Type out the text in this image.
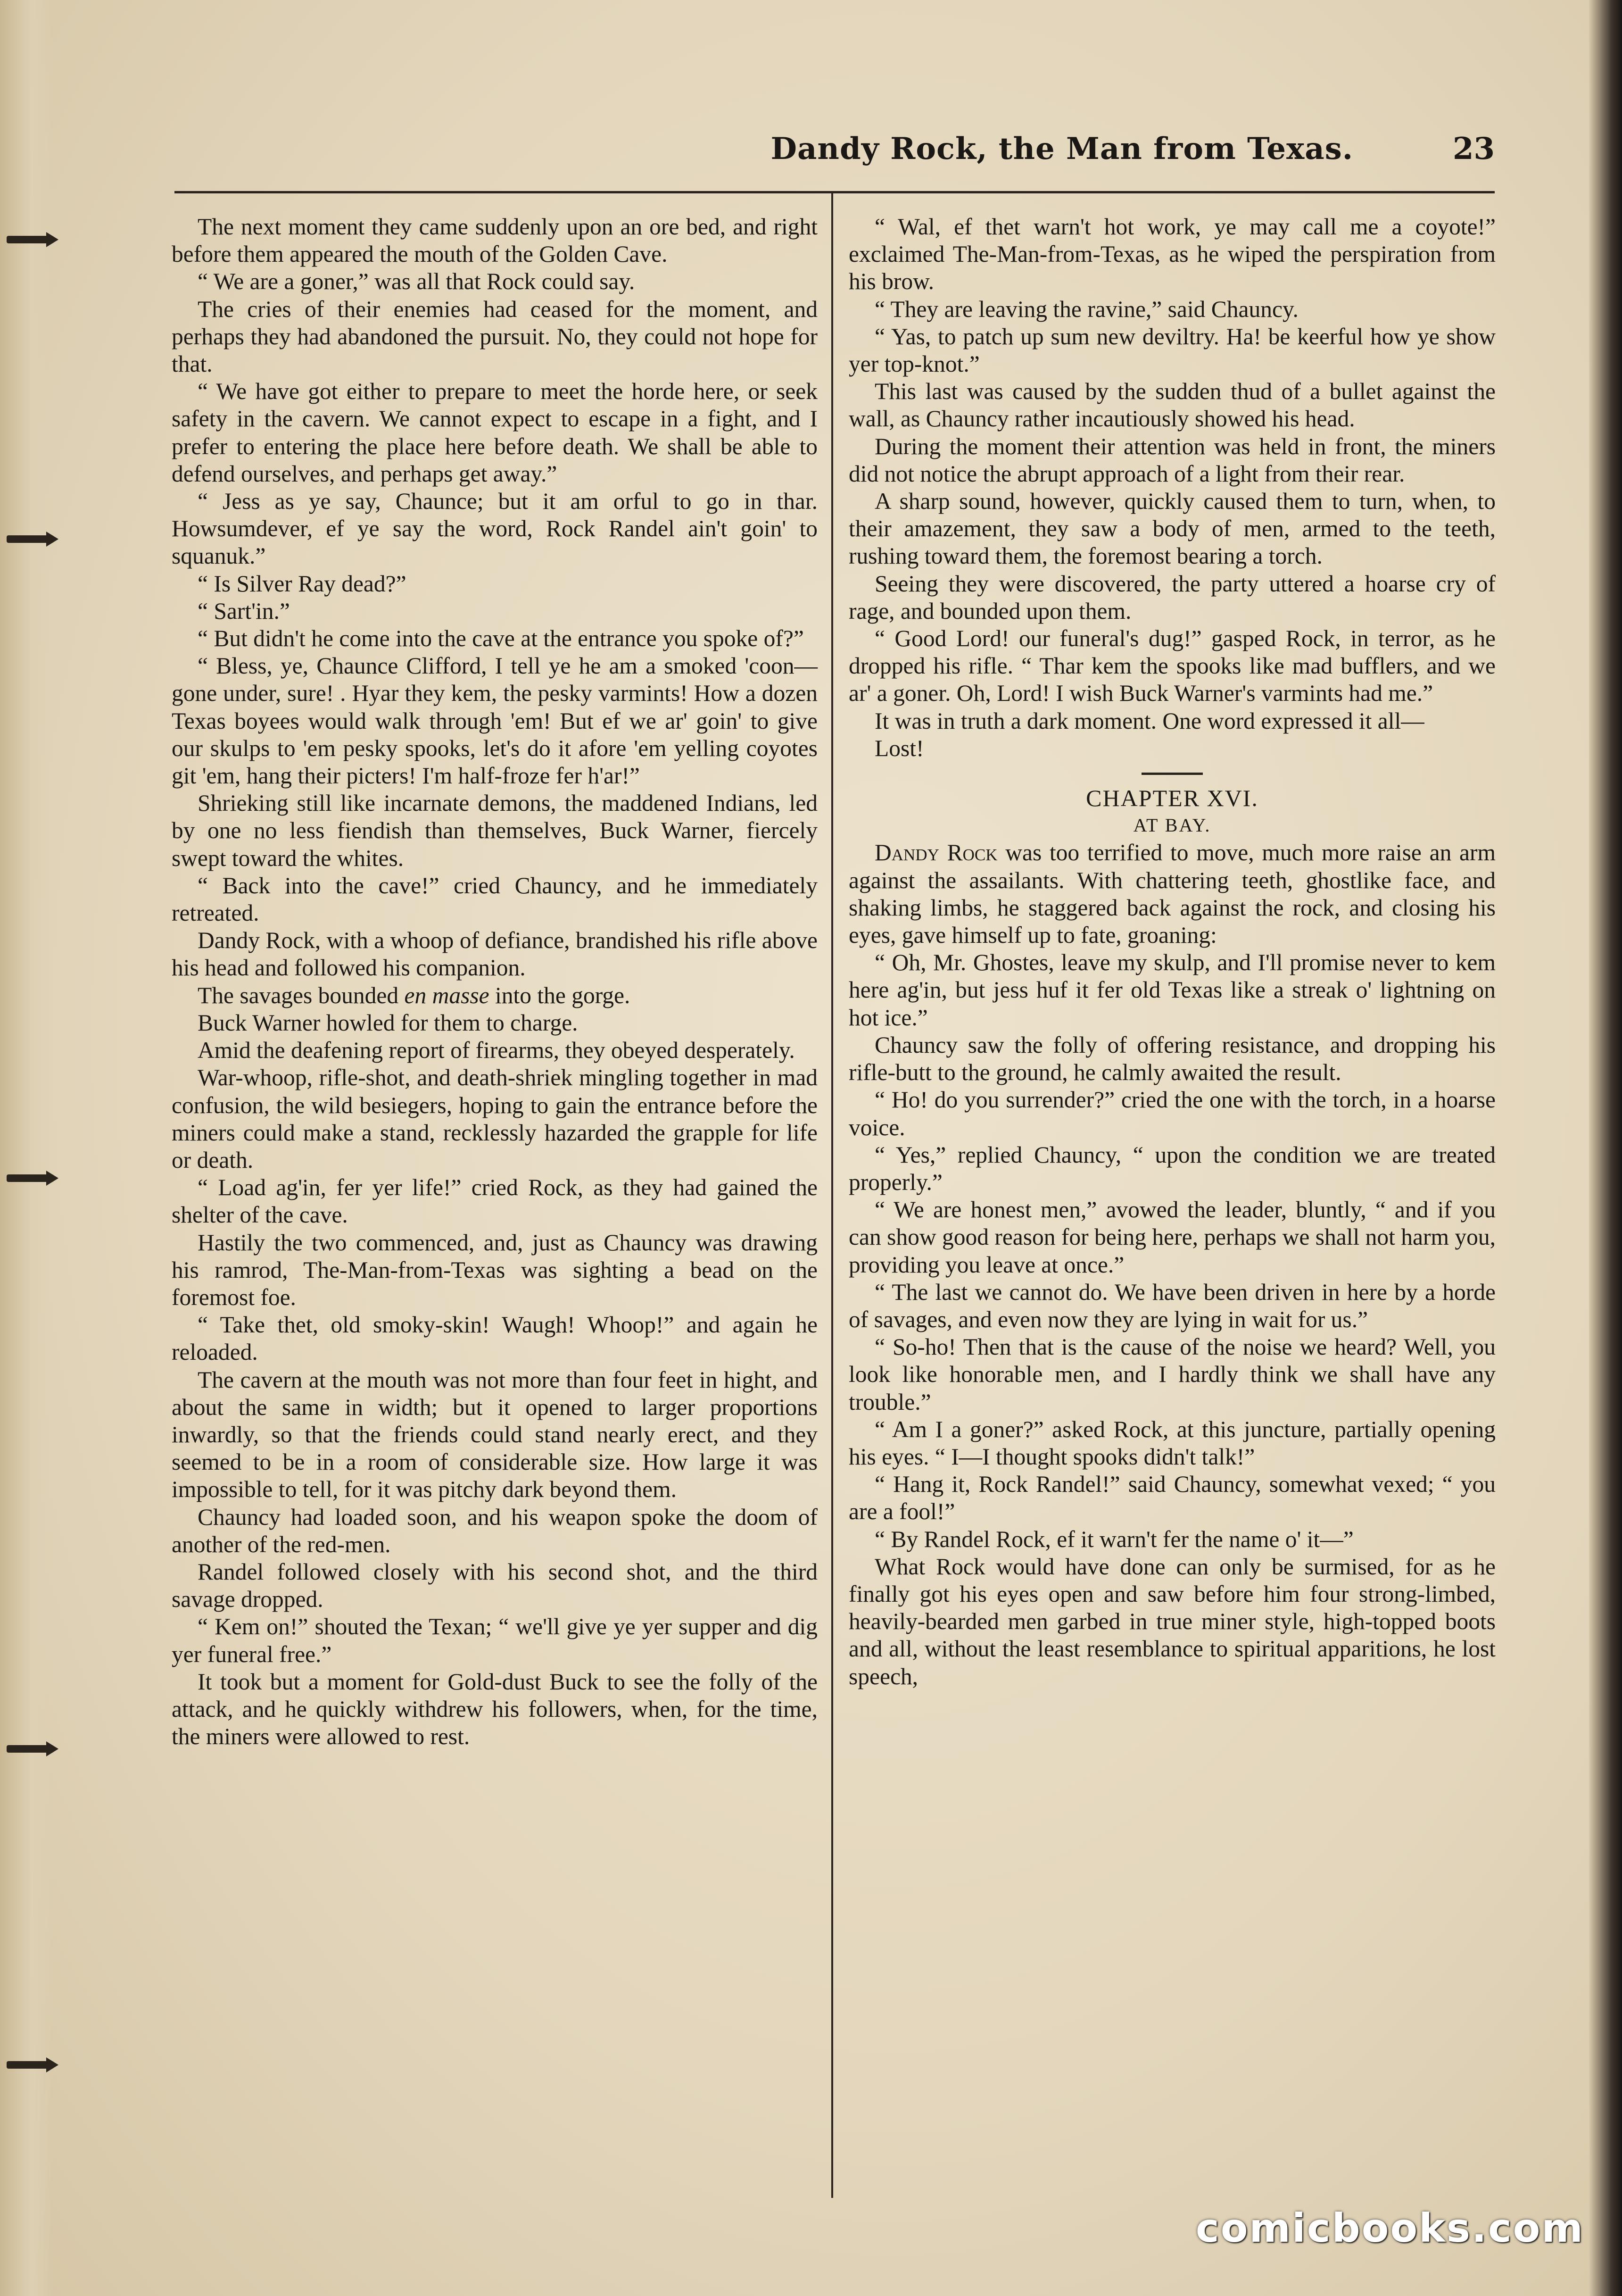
Dandy Rock, the Man from Texas.	23

The next moment they came suddenly upon an ore bed, and right before them appeared the mouth of the Golden Cave.

“ We are a goner,” was all that Rock could say.

The cries of their enemies had ceased for the moment, and perhaps they had abandoned the pursuit. No, they could not hope for that.

“ We have got either to prepare to meet the horde here, or seek safety in the cavern. We cannot expect to escape in a fight, and I prefer to entering the place here before death. We shall be able to defend ourselves, and perhaps get away.”

“ Jess as ye say, Chaunce; but it am orful to go in thar. Howsumdever, ef ye say the word, Rock Randel ain't goin' to squanuk.”

“ Is Silver Ray dead?”

“ Sart'in.”

“ But didn't he come into the cave at the entrance you spoke of?”

“ Bless, ye, Chaunce Clifford, I tell ye he am a smoked 'coon—gone under, sure! . Hyar they kem, the pesky varmints! How a dozen Texas boyees would walk through 'em! But ef we ar' goin' to give our skulps to 'em pesky spooks, let's do it afore 'em yelling coyotes git 'em, hang their picters! I'm half-froze fer h'ar!”

Shrieking still like incarnate demons, the maddened Indians, led by one no less fiendish than themselves, Buck Warner, fiercely swept toward the whites.

“ Back into the cave!” cried Chauncy, and he immediately retreated.

Dandy Rock, with a whoop of defiance, brandished his rifle above his head and followed his companion.

The savages bounded en masse into the gorge.

Buck Warner howled for them to charge.

Amid the deafening report of firearms, they obeyed desperately.

War-whoop, rifle-shot, and death-shriek mingling together in mad confusion, the wild besiegers, hoping to gain the entrance before the miners could make a stand, recklessly hazarded the grapple for life or death.

“ Load ag'in, fer yer life!” cried Rock, as they had gained the shelter of the cave.

Hastily the two commenced, and, just as Chauncy was drawing his ramrod, The-Man-from-Texas was sighting a bead on the foremost foe.

“ Take thet, old smoky-skin! Waugh! Whoop!” and again he reloaded.

The cavern at the mouth was not more than four feet in hight, and about the same in width; but it opened to larger proportions inwardly, so that the friends could stand nearly erect, and they seemed to be in a room of considerable size. How large it was impossible to tell, for it was pitchy dark beyond them.

Chauncy had loaded soon, and his weapon spoke the doom of another of the red-men.

Randel followed closely with his second shot, and the third savage dropped.

“ Kem on!” shouted the Texan; “ we'll give ye yer supper and dig yer funeral free.”

It took but a moment for Gold-dust Buck to see the folly of the attack, and he quickly withdrew his followers, when, for the time, the miners were allowed to rest.

“ Wal, ef thet warn't hot work, ye may call me a coyote!” exclaimed The-Man-from-Texas, as he wiped the perspiration from his brow.

“ They are leaving the ravine,” said Chauncy.

“ Yas, to patch up sum new deviltry. Ha! be keerful how ye show yer top-knot.”

This last was caused by the sudden thud of a bullet against the wall, as Chauncy rather incautiously showed his head.

During the moment their attention was held in front, the miners did not notice the abrupt approach of a light from their rear.

A sharp sound, however, quickly caused them to turn, when, to their amazement, they saw a body of men, armed to the teeth, rushing toward them, the foremost bearing a torch.

Seeing they were discovered, the party uttered a hoarse cry of rage, and bounded upon them.

“ Good Lord! our funeral's dug!” gasped Rock, in terror, as he dropped his rifle. “ Thar kem the spooks like mad bufflers, and we ar' a goner. Oh, Lord! I wish Buck Warner's varmints had me.”

It was in truth a dark moment. One word expressed it all—

Lost!

CHAPTER XVI.

AT BAY.

Dandy Rock was too terrified to move, much more raise an arm against the assailants. With chattering teeth, ghostlike face, and shaking limbs, he staggered back against the rock, and closing his eyes, gave himself up to fate, groaning:

“ Oh, Mr. Ghostes, leave my skulp, and I'll promise never to kem here ag'in, but jess huf it fer old Texas like a streak o' lightning on hot ice.”

Chauncy saw the folly of offering resistance, and dropping his rifle-butt to the ground, he calmly awaited the result.

“ Ho! do you surrender?” cried the one with the torch, in a hoarse voice.

“ Yes,” replied Chauncy, “ upon the condition we are treated properly.”

“ We are honest men,” avowed the leader, bluntly, “ and if you can show good reason for being here, perhaps we shall not harm you, providing you leave at once.”

“ The last we cannot do. We have been driven in here by a horde of savages, and even now they are lying in wait for us.”

“ So-ho! Then that is the cause of the noise we heard? Well, you look like honorable men, and I hardly think we shall have any trouble.”

“ Am I a goner?” asked Rock, at this juncture, partially opening his eyes. “ I—I thought spooks didn't talk!”

“ Hang it, Rock Randel!” said Chauncy, somewhat vexed; “ you are a fool!”

“ By Randel Rock, ef it warn't fer the name o' it—”

What Rock would have done can only be surmised, for as he finally got his eyes open and saw before him four strong-limbed, heavily-bearded men garbed in true miner style, high-topped boots and all, without the least resemblance to spiritual apparitions, he lost speech,

comicbooks.com
